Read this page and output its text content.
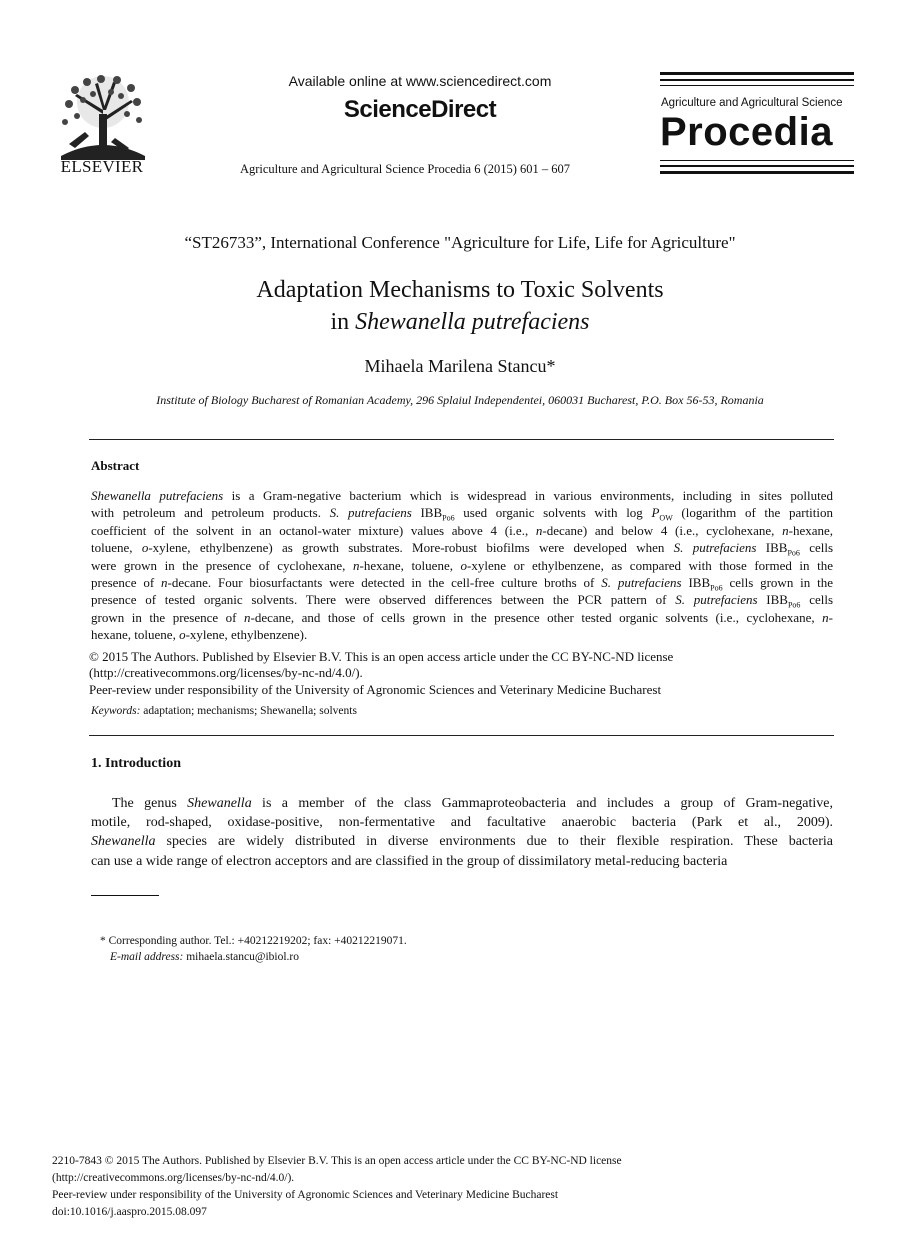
ELSEVIER
Available online at www.sciencedirect.com
ScienceDirect
Agriculture and Agricultural Science Procedia 6 (2015) 601 – 607
Agriculture and Agricultural Science
Procedia
“ST26733”, International Conference "Agriculture for Life, Life for Agriculture"
Adaptation Mechanisms to Toxic Solvents
in Shewanella putrefaciens
Mihaela Marilena Stancu*
Institute of Biology Bucharest of Romanian Academy, 296 Splaiul Independentei, 060031 Bucharest, P.O. Box 56-53, Romania
Abstract
Shewanella putrefaciens is a Gram-negative bacterium which is widespread in various environments, including in sites polluted
with petroleum and petroleum products. S. putrefaciens $IBB_{Po6}$ used organic solvents with $\log P_{OW}$ (logarithm of the partition
coefficient of the solvent in an octanol-water mixture) values above 4 (i.e., n-decane) and below 4 (i.e., cyclohexane, n-hexane,
toluene, o-xylene, ethylbenzene) as growth substrates. More-robust biofilms were developed when S. putrefaciens $IBB_{Po6}$ cells
were grown in the presence of cyclohexane, n-hexane, toluene, o-xylene or ethylbenzene, as compared with those formed in the
presence of n-decane. Four biosurfactants were detected in the cell-free culture broths of S. putrefaciens $IBB_{Po6}$ cells grown in the
presence of tested organic solvents. There were observed differences between the PCR pattern of S. putrefaciens $IBB_{Po6}$ cells
grown in the presence of n-decane, and those of cells grown in the presence other tested organic solvents (i.e., cyclohexane, n-
hexane, toluene, o-xylene, ethylbenzene).
© 2015 The Authors. Published by Elsevier B.V. This is an open access article under the CC BY-NC-ND license
(http://creativecommons.org/licenses/by-nc-nd/4.0/).
Peer-review under responsibility of the University of Agronomic Sciences and Veterinary Medicine Bucharest
Keywords: adaptation; mechanisms; Shewanella; solvents
1. Introduction
The genus Shewanella is a member of the class Gammaproteobacteria and includes a group of Gram-negative,
motile, rod-shaped, oxidase-positive, non-fermentative and facultative anaerobic bacteria (Park et al., 2009).
Shewanella species are widely distributed in diverse environments due to their flexible respiration. These bacteria
can use a wide range of electron acceptors and are classified in the group of dissimilatory metal-reducing bacteria
* Corresponding author. Tel.: +40212219202; fax: +40212219071.
E-mail address: mihaela.stancu@ibiol.ro
2210-7843 © 2015 The Authors. Published by Elsevier B.V. This is an open access article under the CC BY-NC-ND license
(http://creativecommons.org/licenses/by-nc-nd/4.0/).
Peer-review under responsibility of the University of Agronomic Sciences and Veterinary Medicine Bucharest
doi:10.1016/j.aaspro.2015.08.097
